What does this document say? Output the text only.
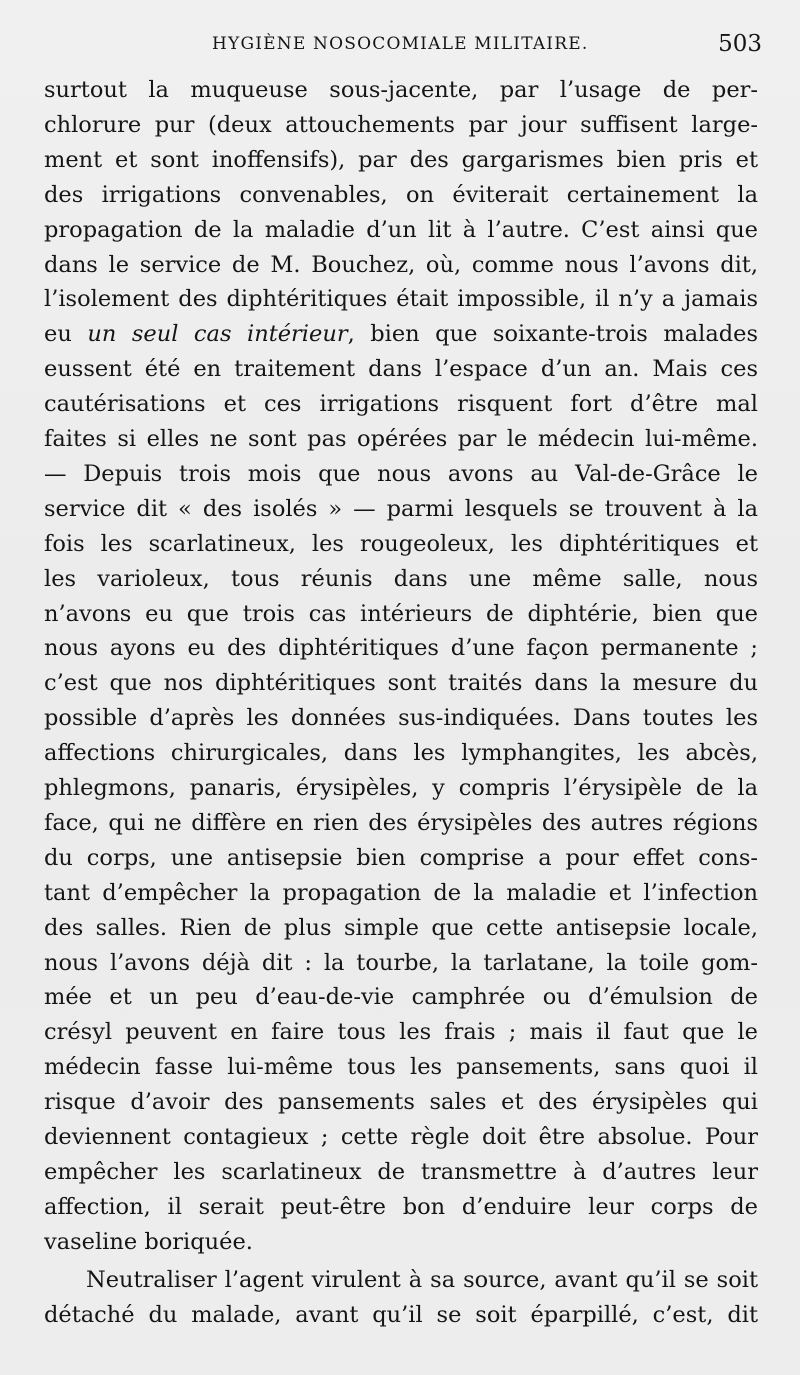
HYGIÈNE NOSOCOMIALE MILITAIRE.	503
surtout la muqueuse sous-jacente, par l’usage de per-
chlorure pur (deux attouchements par jour suffisent large-
ment et sont inoffensifs), par des gargarismes bien pris et
des irrigations convenables, on éviterait certainement la
propagation de la maladie d’un lit à l’autre. C’est ainsi que
dans le service de M. Bouchez, où, comme nous l’avons dit,
l’isolement des diphtéritiques était impossible, il n’y a jamais
eu un seul cas intérieur, bien que soixante-trois malades
eussent été en traitement dans l’espace d’un an. Mais ces
cautérisations et ces irrigations risquent fort d’être mal
faites si elles ne sont pas opérées par le médecin lui-même.
— Depuis trois mois que nous avons au Val-de-Grâce le
service dit « des isolés » — parmi lesquels se trouvent à la
fois les scarlatineux, les rougeoleux, les diphtéritiques et
les varioleux, tous réunis dans une même salle, nous
n’avons eu que trois cas intérieurs de diphtérie, bien que
nous ayons eu des diphtéritiques d’une façon permanente ;
c’est que nos diphtéritiques sont traités dans la mesure du
possible d’après les données sus-indiquées. Dans toutes les
affections chirurgicales, dans les lymphangites, les abcès,
phlegmons, panaris, érysipèles, y compris l’érysipèle de la
face, qui ne diffère en rien des érysipèles des autres régions
du corps, une antisepsie bien comprise a pour effet cons-
tant d’empêcher la propagation de la maladie et l’infection
des salles. Rien de plus simple que cette antisepsie locale,
nous l’avons déjà dit : la tourbe, la tarlatane, la toile gom-
mée et un peu d’eau-de-vie camphrée ou d’émulsion de
crésyl peuvent en faire tous les frais ; mais il faut que le
médecin fasse lui-même tous les pansements, sans quoi il
risque d’avoir des pansements sales et des érysipèles qui
deviennent contagieux ; cette règle doit être absolue. Pour
empêcher les scarlatineux de transmettre à d’autres leur
affection, il serait peut-être bon d’enduire leur corps de
vaseline boriquée.
Neutraliser l’agent virulent à sa source, avant qu’il se soit
détaché du malade, avant qu’il se soit éparpillé, c’est, dit
